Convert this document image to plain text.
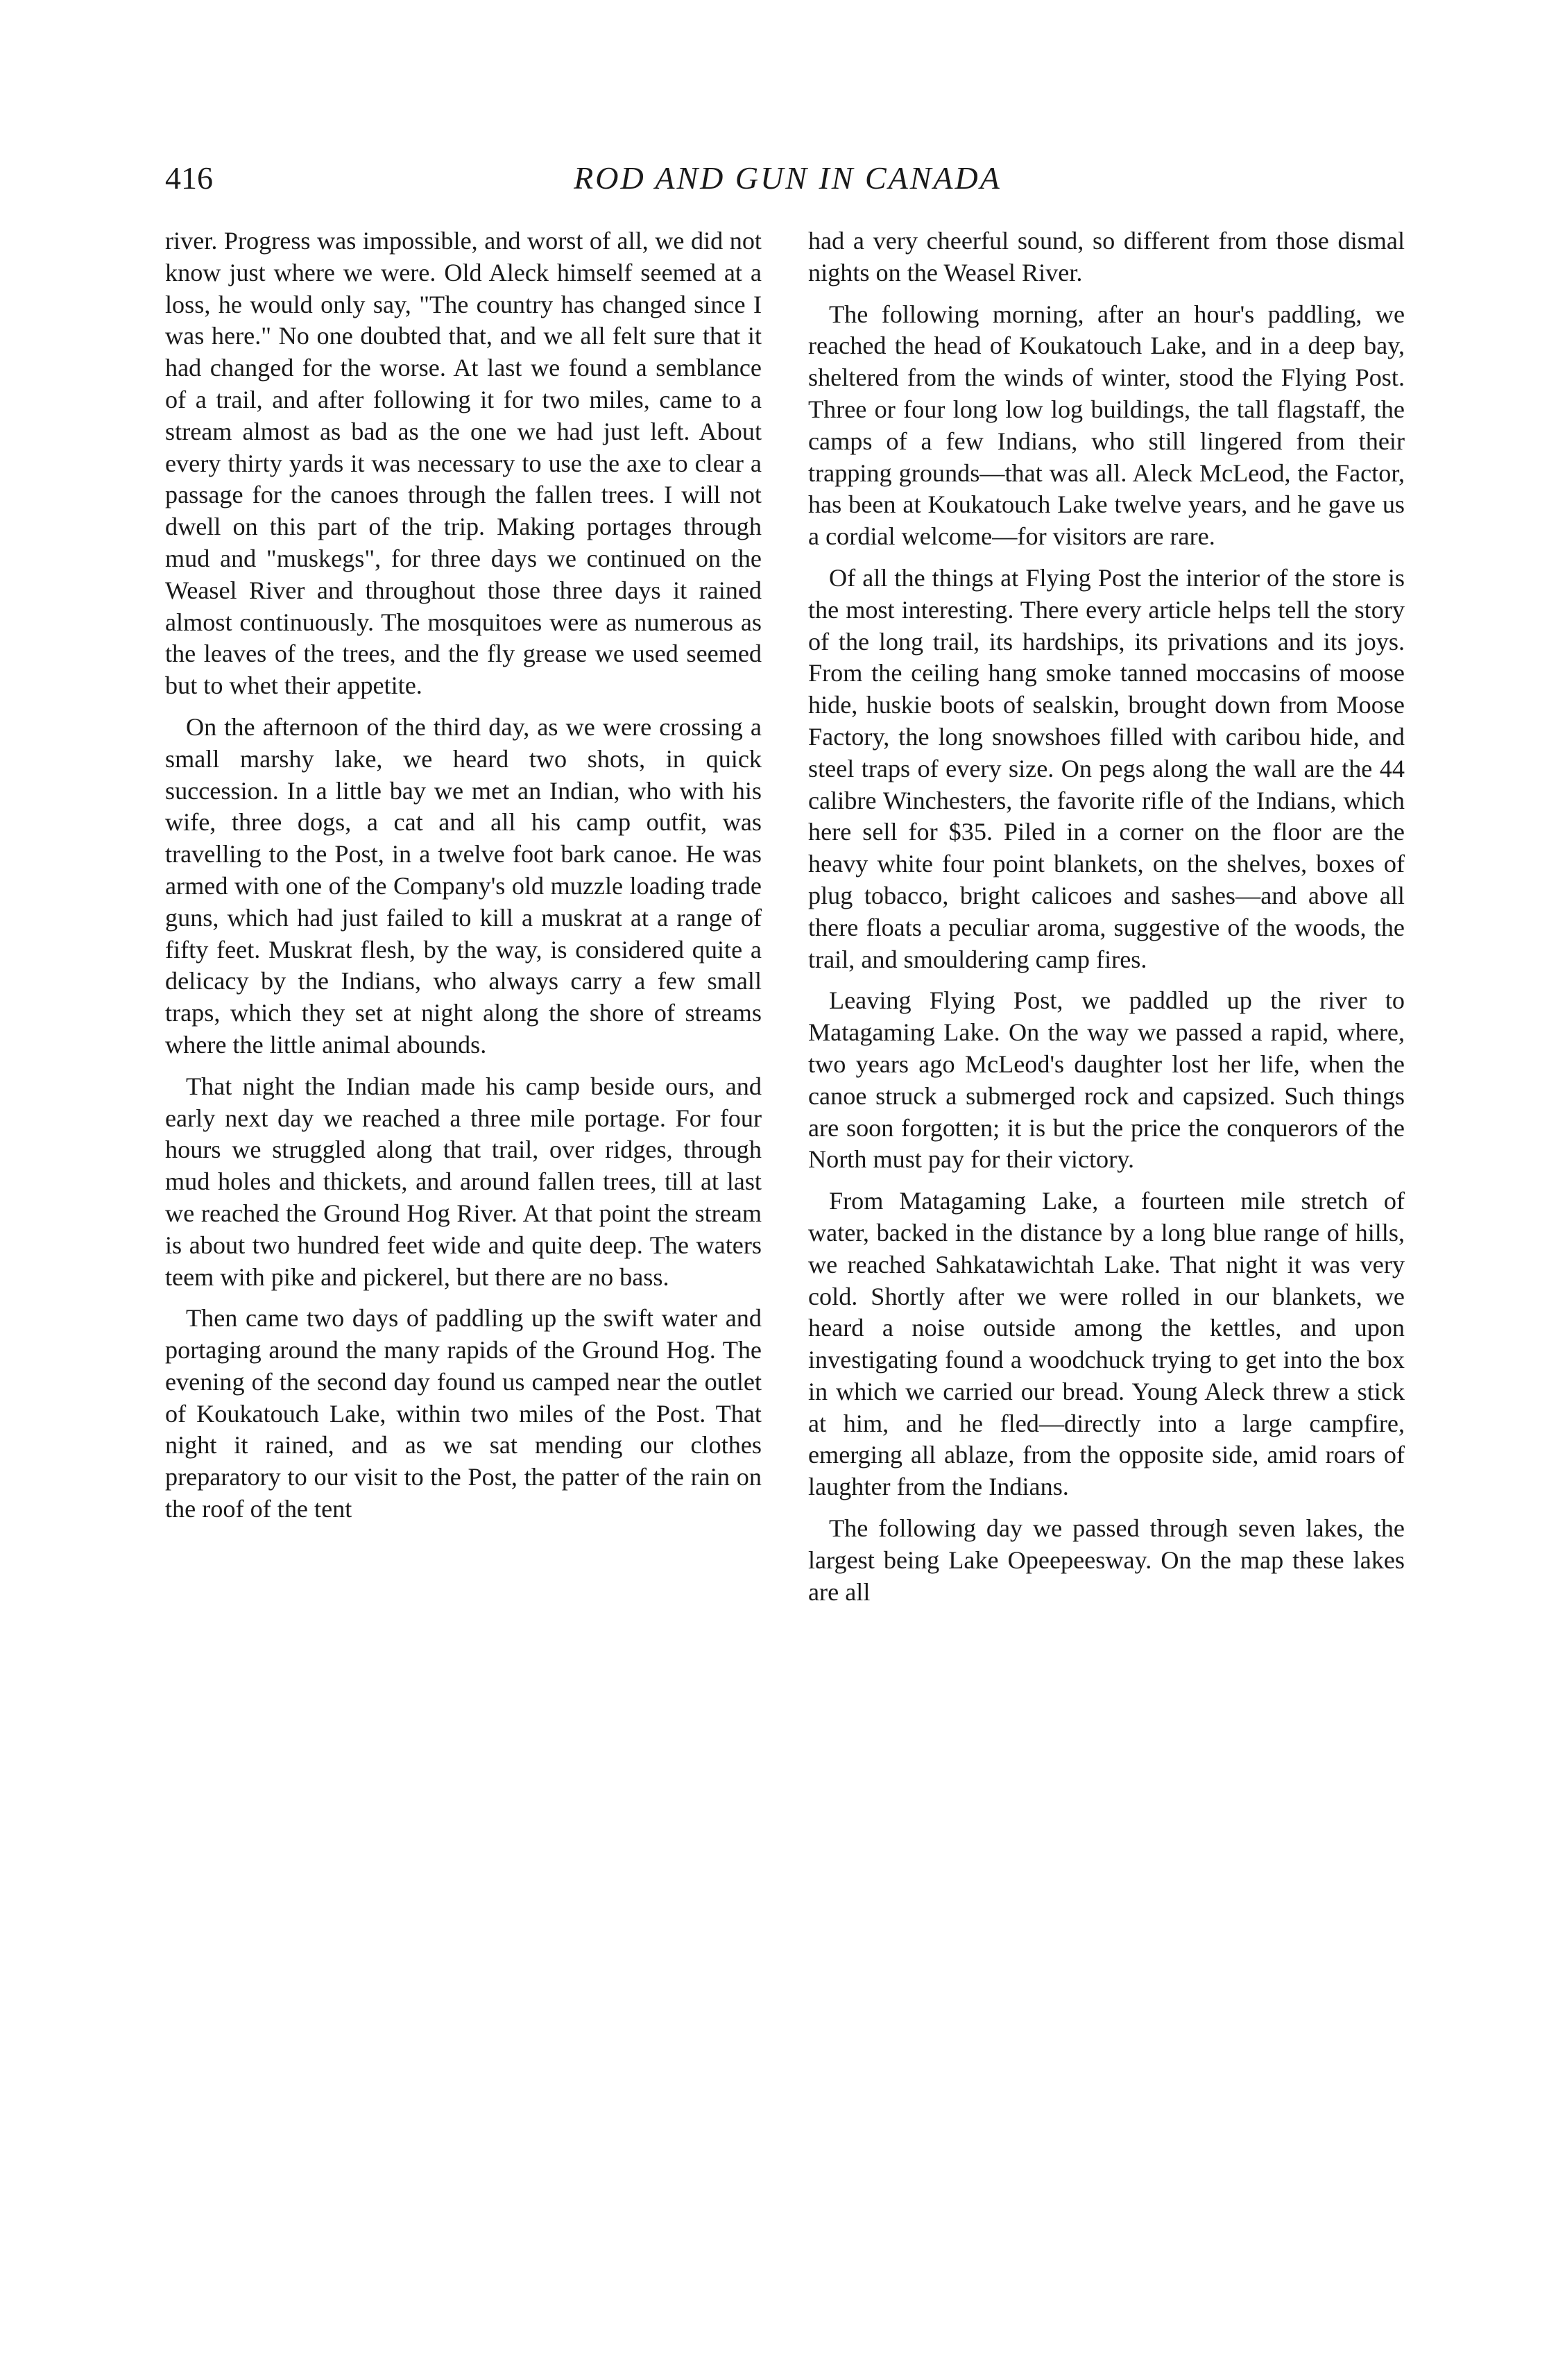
416	ROD AND GUN IN CANADA

river. Progress was impossible, and worst of all, we did not know just where we were. Old Aleck himself seemed at a loss, he would only say, "The country has changed since I was here." No one doubted that, and we all felt sure that it had changed for the worse. At last we found a semblance of a trail, and after following it for two miles, came to a stream almost as bad as the one we had just left. About every thirty yards it was necessary to use the axe to clear a passage for the canoes through the fallen trees. I will not dwell on this part of the trip. Making portages through mud and "muskegs", for three days we continued on the Weasel River and throughout those three days it rained almost continuously. The mosquitoes were as numerous as the leaves of the trees, and the fly grease we used seemed but to whet their appetite.

On the afternoon of the third day, as we were crossing a small marshy lake, we heard two shots, in quick succession. In a little bay we met an Indian, who with his wife, three dogs, a cat and all his camp outfit, was travelling to the Post, in a twelve foot bark canoe. He was armed with one of the Company's old muzzle loading trade guns, which had just failed to kill a muskrat at a range of fifty feet. Muskrat flesh, by the way, is considered quite a delicacy by the Indians, who always carry a few small traps, which they set at night along the shore of streams where the little animal abounds.

That night the Indian made his camp beside ours, and early next day we reached a three mile portage. For four hours we struggled along that trail, over ridges, through mud holes and thickets, and around fallen trees, till at last we reached the Ground Hog River. At that point the stream is about two hundred feet wide and quite deep. The waters teem with pike and pickerel, but there are no bass.

Then came two days of paddling up the swift water and portaging around the many rapids of the Ground Hog. The evening of the second day found us camped near the outlet of Koukatouch Lake, within two miles of the Post. That night it rained, and as we sat mending our clothes preparatory to our visit to the Post, the patter of the rain on the roof of the tent

had a very cheerful sound, so different from those dismal nights on the Weasel River.

The following morning, after an hour's paddling, we reached the head of Koukatouch Lake, and in a deep bay, sheltered from the winds of winter, stood the Flying Post. Three or four long low log buildings, the tall flagstaff, the camps of a few Indians, who still lingered from their trapping grounds—that was all. Aleck McLeod, the Factor, has been at Koukatouch Lake twelve years, and he gave us a cordial welcome—for visitors are rare.

Of all the things at Flying Post the interior of the store is the most interesting. There every article helps tell the story of the long trail, its hardships, its privations and its joys. From the ceiling hang smoke tanned moccasins of moose hide, huskie boots of sealskin, brought down from Moose Factory, the long snowshoes filled with caribou hide, and steel traps of every size. On pegs along the wall are the 44 calibre Winchesters, the favorite rifle of the Indians, which here sell for $35. Piled in a corner on the floor are the heavy white four point blankets, on the shelves, boxes of plug tobacco, bright calicoes and sashes—and above all there floats a peculiar aroma, suggestive of the woods, the trail, and smouldering camp fires.

Leaving Flying Post, we paddled up the river to Matagaming Lake. On the way we passed a rapid, where, two years ago McLeod's daughter lost her life, when the canoe struck a submerged rock and capsized. Such things are soon forgotten; it is but the price the conquerors of the North must pay for their victory.

From Matagaming Lake, a fourteen mile stretch of water, backed in the distance by a long blue range of hills, we reached Sahkatawichtah Lake. That night it was very cold. Shortly after we were rolled in our blankets, we heard a noise outside among the kettles, and upon investigating found a woodchuck trying to get into the box in which we carried our bread. Young Aleck threw a stick at him, and he fled—directly into a large campfire, emerging all ablaze, from the opposite side, amid roars of laughter from the Indians.

The following day we passed through seven lakes, the largest being Lake Opeepeesway. On the map these lakes are all
